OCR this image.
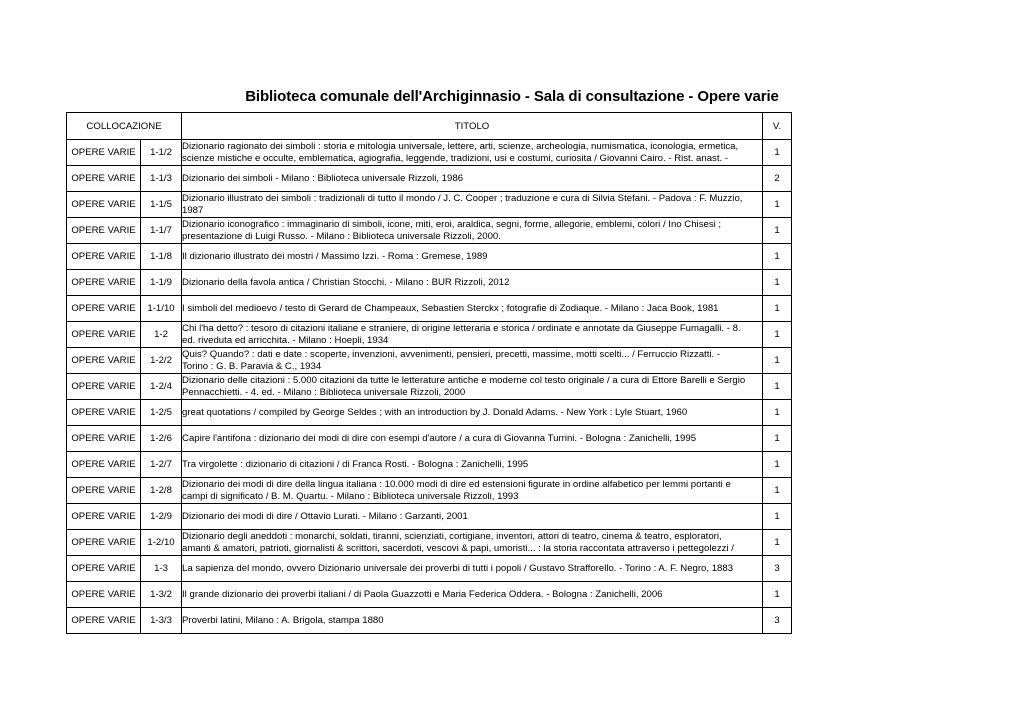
Biblioteca comunale dell'Archiginnasio - Sala di consultazione - Opere varie
COLLOCAZIONE		TITOLO	V.
OPERE VARIE	1-1/2	Dizionario ragionato dei simboli : storia e mitologia universale, lettere, arti, scienze, archeologia, numismatica, iconologia, ermetica,
scienze mistiche e occulte, emblematica, agiografia, leggende, tradizioni, usi e costumi, curiosita / Giovanni Cairo. - Rist. anast. -	1
OPERE VARIE	1-1/3	Dizionario dei simboli - Milano : Biblioteca universale Rizzoli, 1986	2
OPERE VARIE	1-1/5	Dizionario illustrato dei simboli : tradizionali di tutto il mondo / J. C. Cooper ; traduzione e cura di Silvia Stefani. - Padova : F. Muzzio,
1987	1
OPERE VARIE	1-1/7	Dizionario iconografico : immaginario di simboli, icone, miti, eroi, araldica, segni, forme, allegorie, emblemi, colori / Ino Chisesi ;
presentazione di Luigi Russo. - Milano : Biblioteca universale Rizzoli, 2000.	1
OPERE VARIE	1-1/8	Il dizionario illustrato dei mostri / Massimo Izzi. - Roma : Gremese, 1989	1
OPERE VARIE	1-1/9	Dizionario della favola antica / Christian Stocchi. - Milano : BUR Rizzoli, 2012	1
OPERE VARIE	1-1/10	I simboli del medioevo / testo di Gerard de Champeaux, Sebastien Sterckx ; fotografie di Zodiaque. - Milano : Jaca Book, 1981	1
OPERE VARIE	1-2	Chi l'ha detto? : tesoro di citazioni italiane e straniere, di origine letteraria e storica / ordinate e annotate da Giuseppe Fumagalli. - 8.
ed. riveduta ed arricchita. - Milano : Hoepli, 1934	1
OPERE VARIE	1-2/2	Quis? Quando? : dati e date : scoperte, invenzioni, avvenimenti, pensieri, precetti, massime, motti scelti... / Ferruccio Rizzatti. -
Torino : G. B. Paravia & C., 1934	1
OPERE VARIE	1-2/4	Dizionario delle citazioni : 5.000 citazioni da tutte le letterature antiche e moderne col testo originale / a cura di Ettore Barelli e Sergio
Pennacchietti. - 4. ed. - Milano : Biblioteca universale Rizzoli, 2000	1
OPERE VARIE	1-2/5	great quotations / compiled by George Seldes ; with an introduction by J. Donald Adams. - New York : Lyle Stuart, 1960	1
OPERE VARIE	1-2/6	Capire l'antifona : dizionario dei modi di dire con esempi d'autore / a cura di Giovanna Turrini. - Bologna : Zanichelli, 1995	1
OPERE VARIE	1-2/7	Tra virgolette : dizionario di citazioni / di Franca Rosti. - Bologna : Zanichelli, 1995	1
OPERE VARIE	1-2/8	Dizionario dei modi di dire della lingua italiana : 10.000 modi di dire ed estensioni figurate in ordine alfabetico per lemmi portanti e
campi di significato / B. M. Quartu. - Milano : Biblioteca universale Rizzoli, 1993	1
OPERE VARIE	1-2/9	Dizionario dei modi di dire / Ottavio Lurati. - Milano : Garzanti, 2001	1
OPERE VARIE	1-2/10	Dizionario degli aneddoti : monarchi, soldati, tiranni, scienziati, cortigiane, inventori, attori di teatro, cinema & teatro, esploratori,
amanti & amatori, patrioti, giornalisti & scrittori, sacerdoti, vescovi & papi, umoristi... : la storia raccontata attraverso i pettegolezzi /	1
OPERE VARIE	1-3	La sapienza del mondo, ovvero Dizionario universale dei proverbi di tutti i popoli / Gustavo Strafforello. - Torino : A. F. Negro, 1883	3
OPERE VARIE	1-3/2	Il grande dizionario dei proverbi italiani / di Paola Guazzotti e Maria Federica Oddera. - Bologna : Zanichelli, 2006	1
OPERE VARIE	1-3/3	Proverbi latini, Milano : A. Brigola, stampa 1880	3
